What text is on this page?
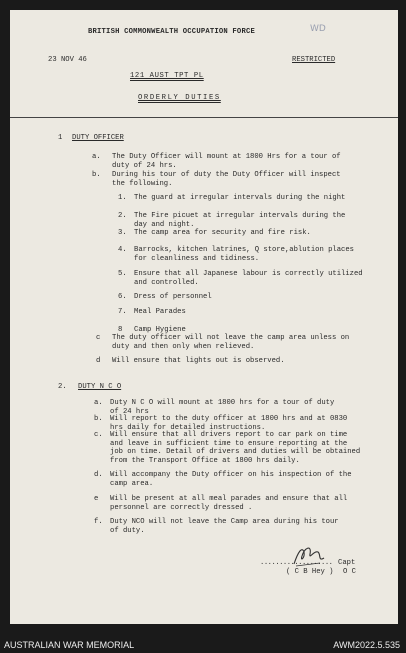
BRITISH COMMONWEALTH OCCUPATION FORCE	WD
23 NOV 46	RESTRICTED
121 AUST TPT PL
ORDERLY DUTIES
1 DUTY OFFICER
a. The Duty Officer will mount at 1800 Hrs for a tour of
duty of 24 hrs.
b. During his tour of duty the Duty Officer will inspect
the following.
1. The guard at irregular intervals during the night
2. The Fire picuet at irregular intervals during the
day and night.
3. The camp area for security and fire risk.
4. Barrocks, kitchen latrines, Q store,ablution places
for cleanliness and tidiness.
5. Ensure that all Japanese labour is correctly utilized
and controlled.
6. Dress of personnel
7. Meal Parades
8 Camp Hygiene
c The duty officer will not leave the camp area unless on
duty and then only when relieved.
d Will ensure that lights out is observed.
2. DUTY N C O
a. Duty N C O will mount at 1800 hrs for a tour of duty
of 24 hrs
b. Will report to the duty officer at 1800 hrs and at 0830
hrs daily for detailed instructions.
c. Will ensure that all drivers report to car park on time
and leave in sufficient time to ensure reporting at the
job on time. Detail of drivers and duties will be obtained
from the Transport Office at 1800 hrs daily.
d. Will accompany the Duty officer on his inspection of the
camp area.
e Will be present at all meal parades and ensure that all
personnel are correctly dressed .
f. Duty NCO will not leave the Camp area during his tour
of duty.
................... Capt
( C B Hey ) O C
AUSTRALIAN WAR MEMORIAL	AWM2022.5.535
